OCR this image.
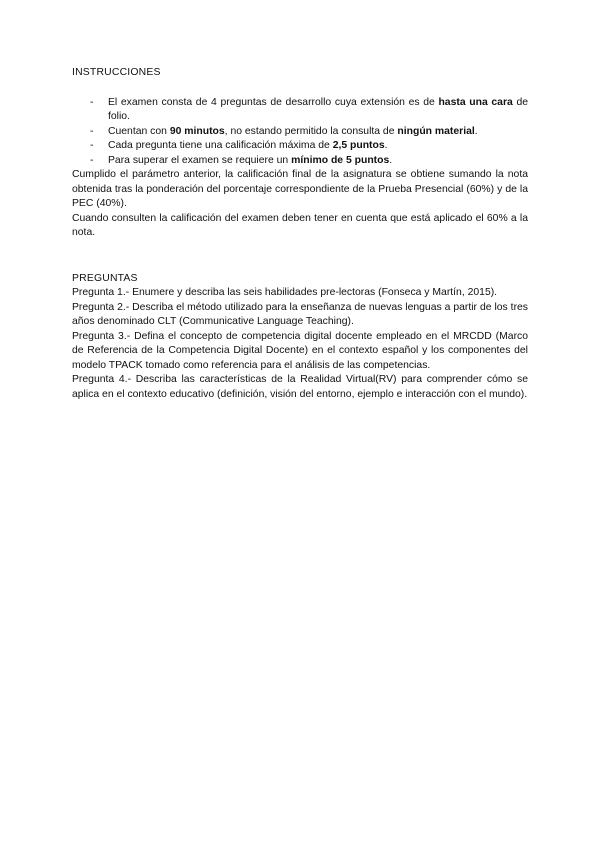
INSTRUCCIONES
- El examen consta de 4 preguntas de desarrollo cuya extensión es de hasta una cara de folio.
- Cuentan con 90 minutos, no estando permitido la consulta de ningún material.
- Cada pregunta tiene una calificación máxima de 2,5 puntos.
- Para superar el examen se requiere un mínimo de 5 puntos.

Cumplido el parámetro anterior, la calificación final de la asignatura se obtiene sumando la nota obtenida tras la ponderación del porcentaje correspondiente de la Prueba Presencial (60%) y de la PEC (40%).

Cuando consulten la calificación del examen deben tener en cuenta que está aplicado el 60% a la nota.

PREGUNTAS

Pregunta 1.- Enumere y describa las seis habilidades pre-lectoras (Fonseca y Martín, 2015).

Pregunta 2.- Describa el método utilizado para la enseñanza de nuevas lenguas a partir de los tres años denominado CLT (Communicative Language Teaching).

Pregunta 3.- Defina el concepto de competencia digital docente empleado en el MRCDD (Marco de Referencia de la Competencia Digital Docente) en el contexto español y los componentes del modelo TPACK tomado como referencia para el análisis de las competencias.

Pregunta 4.- Describa las características de la Realidad Virtual(RV) para comprender cómo se aplica en el contexto educativo (definición, visión del entorno, ejemplo e interacción con el mundo).
